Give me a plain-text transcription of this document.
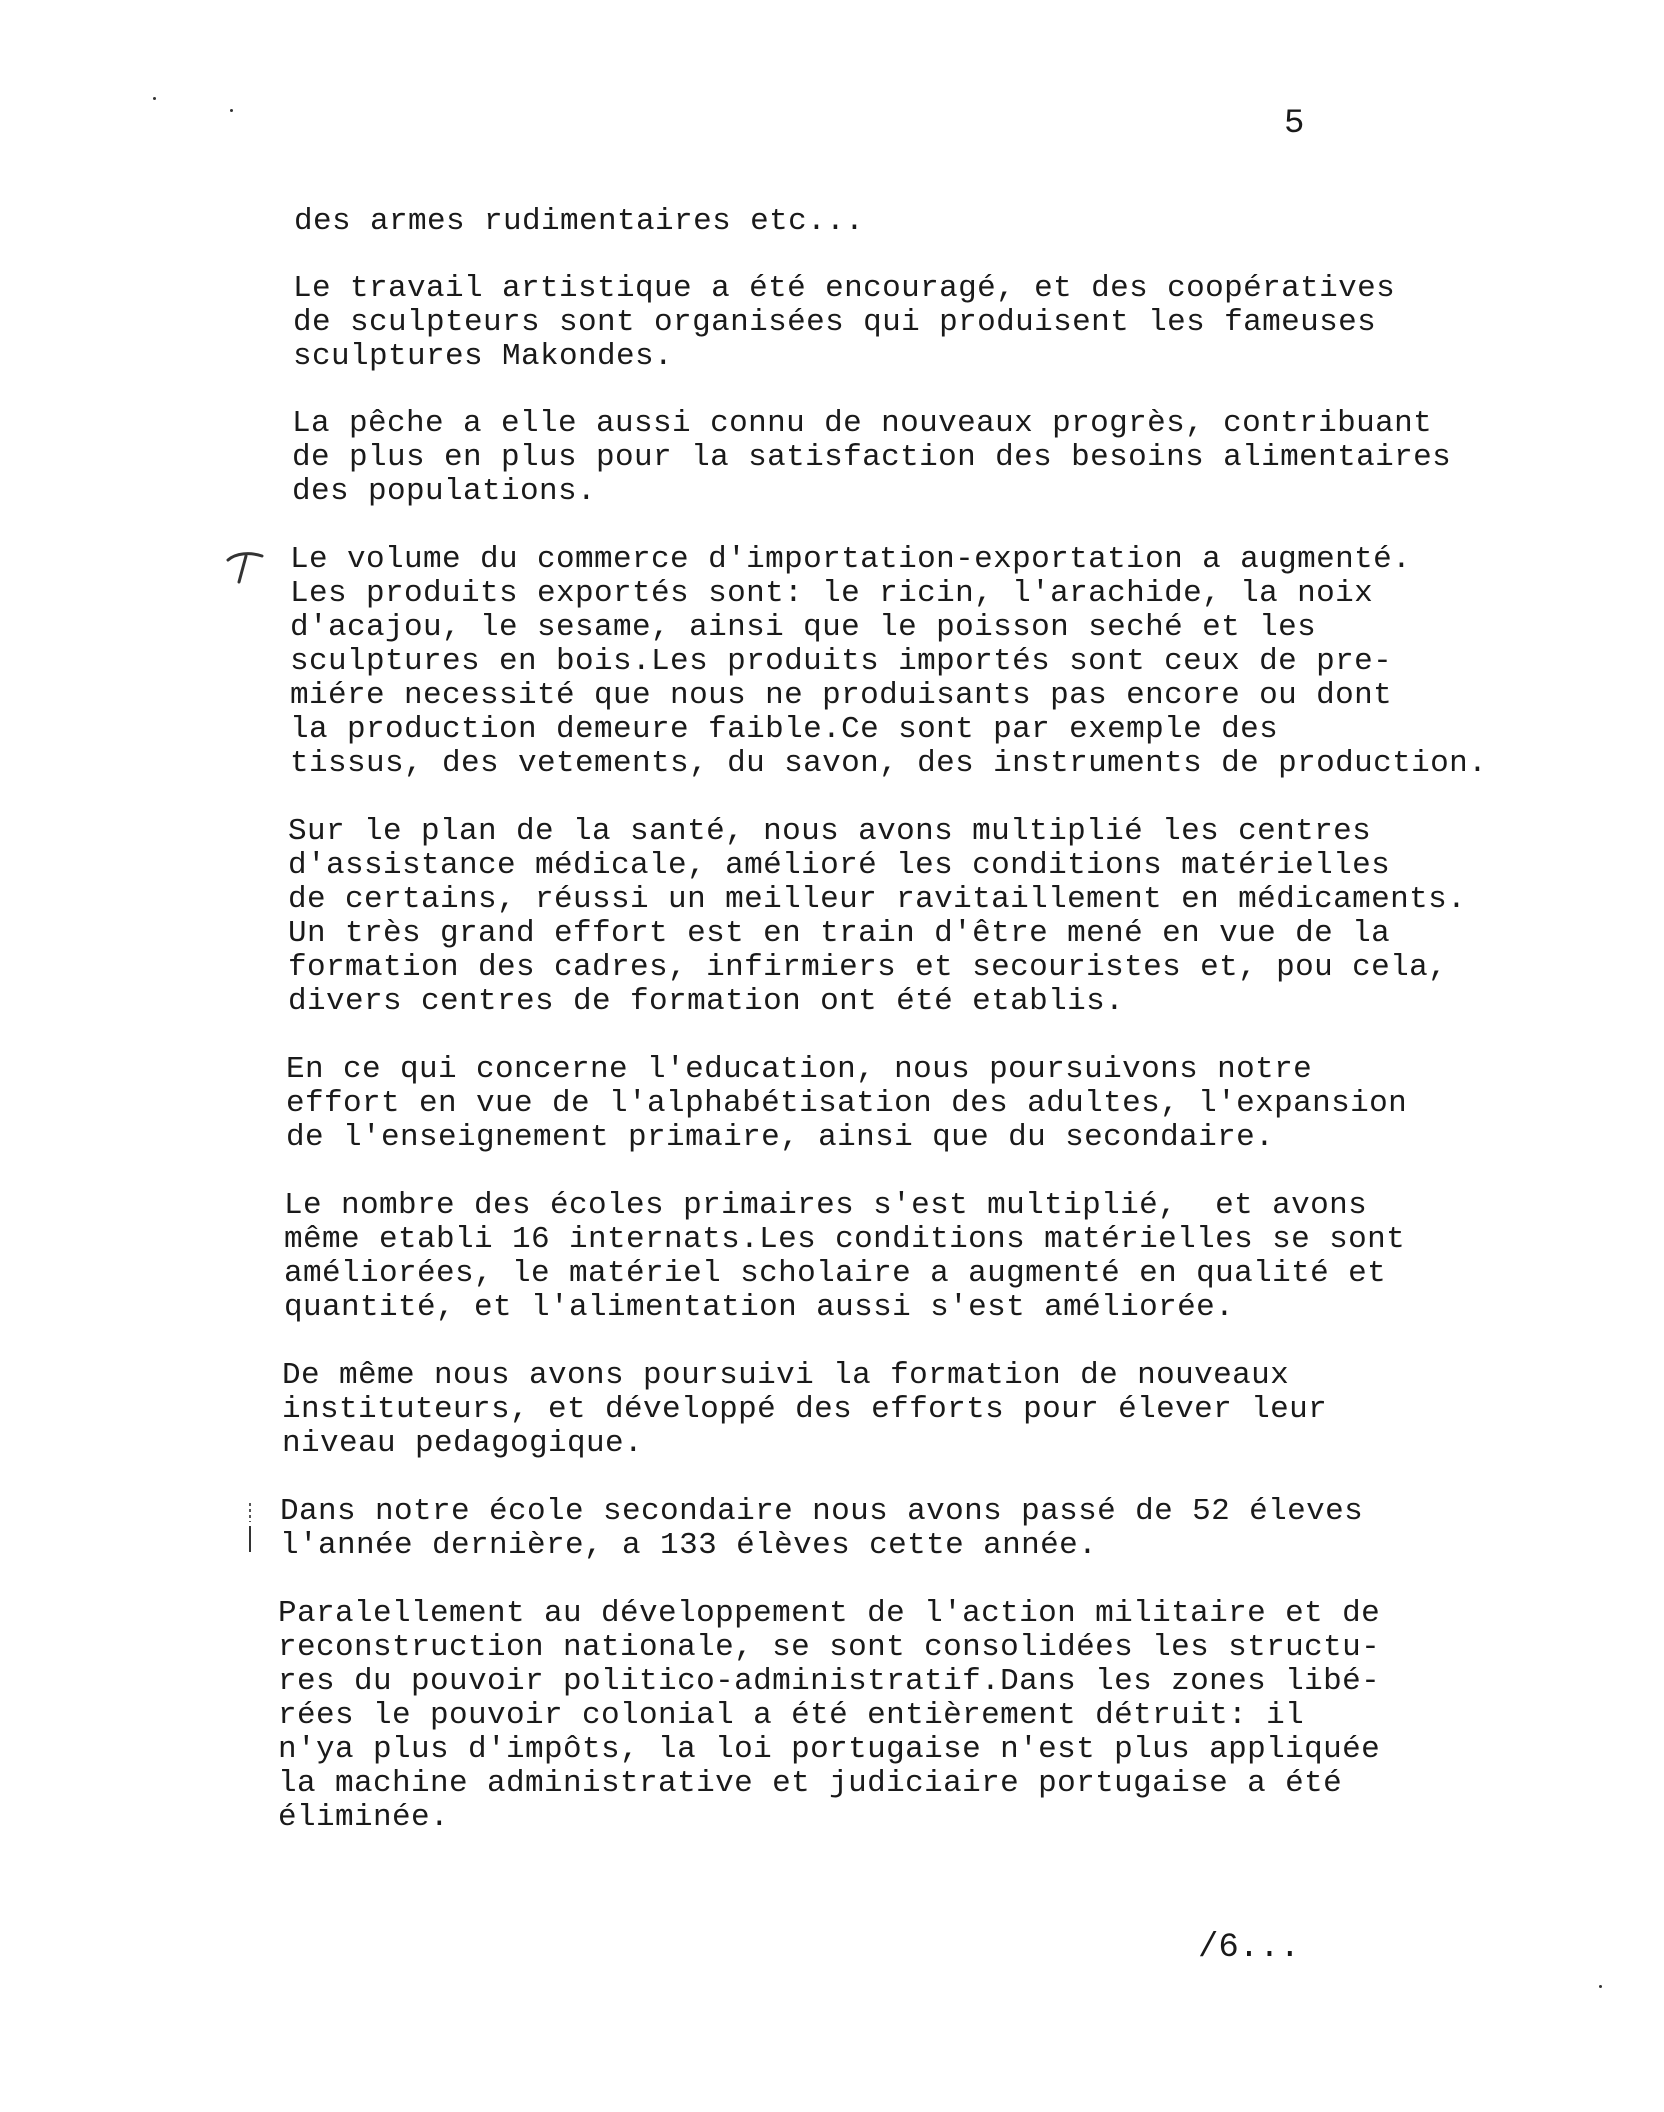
5
des armes rudimentaires etc...
Le travail artistique a été encouragé, et des coopératives
de sculpteurs sont organisées qui produisent les fameuses
sculptures Makondes.
La pêche a elle aussi connu de nouveaux progrès, contribuant
de plus en plus pour la satisfaction des besoins alimentaires
des populations.
Le volume du commerce d'importation-exportation a augmenté.
Les produits exportés sont: le ricin, l'arachide, la noix
d'acajou, le sesame, ainsi que le poisson seché et les
sculptures en bois.Les produits importés sont ceux de pre-
miére necessité que nous ne produisants pas encore ou dont
la production demeure faible.Ce sont par exemple des
tissus, des vetements, du savon, des instruments de production.
Sur le plan de la santé, nous avons multiplié les centres
d'assistance médicale, amélioré les conditions matérielles
de certains, réussi un meilleur ravitaillement en médicaments.
Un très grand effort est en train d'être mené en vue de la
formation des cadres, infirmiers et secouristes et, pou cela,
divers centres de formation ont été etablis.
En ce qui concerne l'education, nous poursuivons notre
effort en vue de l'alphabétisation des adultes, l'expansion
de l'enseignement primaire, ainsi que du secondaire.
Le nombre des écoles primaires s'est multiplié,  et avons
même etabli 16 internats.Les conditions matérielles se sont
améliorées, le matériel scholaire a augmenté en qualité et
quantité, et l'alimentation aussi s'est améliorée.
De même nous avons poursuivi la formation de nouveaux
instituteurs, et développé des efforts pour élever leur
niveau pedagogique.
Dans notre école secondaire nous avons passé de 52 éleves
l'année dernière, a 133 élèves cette année.
Paralellement au développement de l'action militaire et de
reconstruction nationale, se sont consolidées les structu-
res du pouvoir politico-administratif.Dans les zones libé-
rées le pouvoir colonial a été entièrement détruit: il
n'ya plus d'impôts, la loi portugaise n'est plus appliquée
la machine administrative et judiciaire portugaise a été
éliminée.
/6...
